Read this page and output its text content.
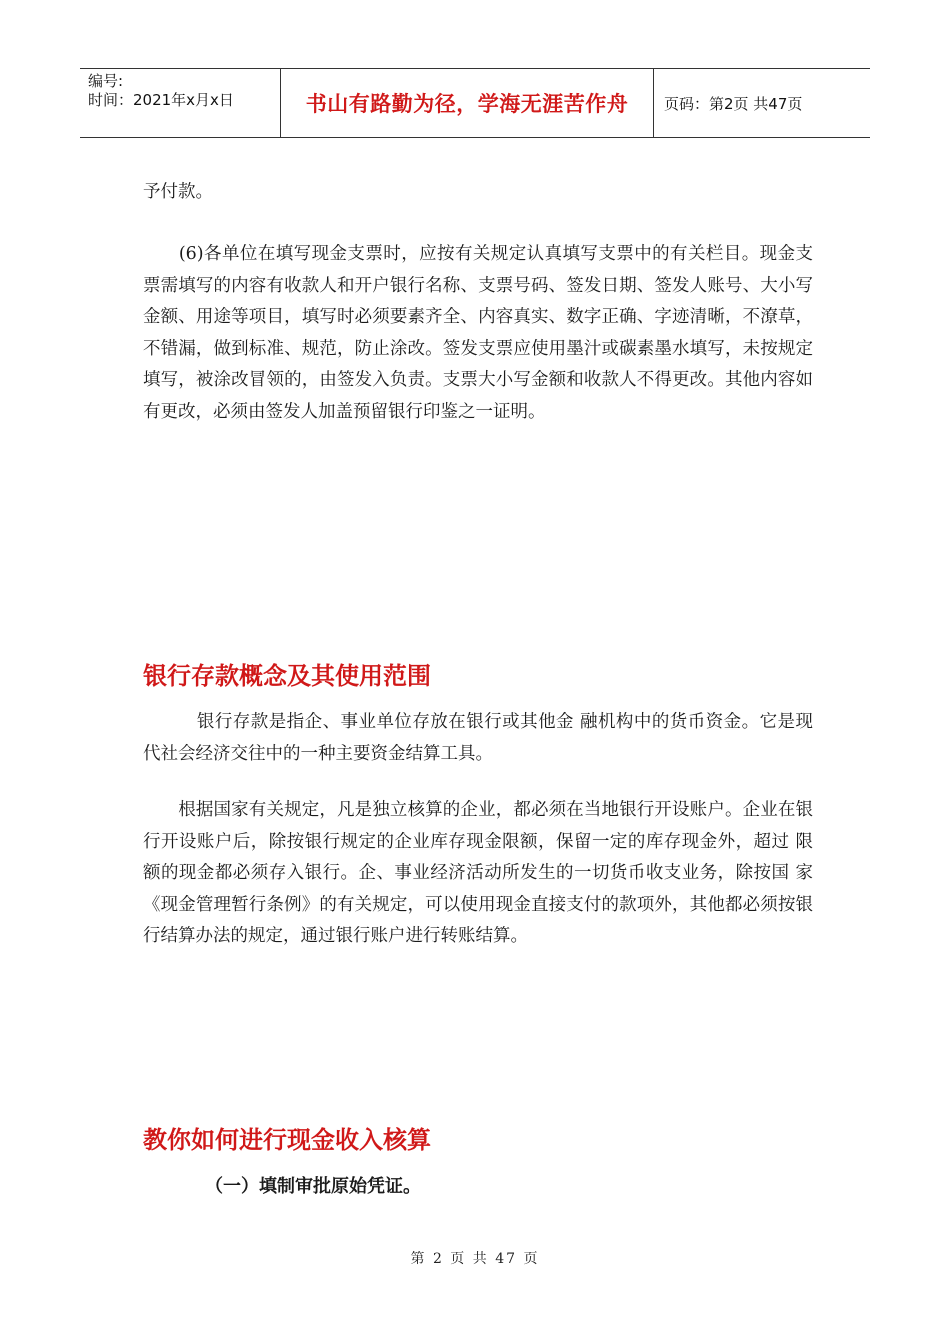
编号:
时间：2021年x月x日	书山有路勤为径，学海无涯苦作舟	页码：第2页 共47页

予付款。

　　(6)各单位在填写现金支票时，应按有关规定认真填写支票中的有关栏目。现金支票需填写的内容有收款人和开户银行名称、支票号码、签发日期、签发人账号、大小写金额、用途等项目，填写时必须要素齐全、内容真实、数字正确、字迹清晰，不潦草，不错漏，做到标准、规范，防止涂改。签发支票应使用墨汁或碳素墨水填写，未按规定填写，被涂改冒领的，由签发入负责。支票大小写金额和收款人不得更改。其他内容如有更改，必须由签发人加盖预留银行印鉴之一证明。

银行存款概念及其使用范围

　　　银行存款是指企、事业单位存放在银行或其他金 融机构中的货币资金。它是现代社会经济交往中的一种主要资金结算工具。

　　根据国家有关规定，凡是独立核算的企业，都必须在当地银行开设账户。企业在银行开设账户后，除按银行规定的企业库存现金限额，保留一定的库存现金外，超过 限额的现金都必须存入银行。企、事业经济活动所发生的一切货币收支业务，除按国 家《现金管理暂行条例》的有关规定，可以使用现金直接支付的款项外，其他都必须按银行结算办法的规定，通过银行账户进行转账结算。

教你如何进行现金收入核算

（一）填制审批原始凭证。

第 2 页 共 47 页
